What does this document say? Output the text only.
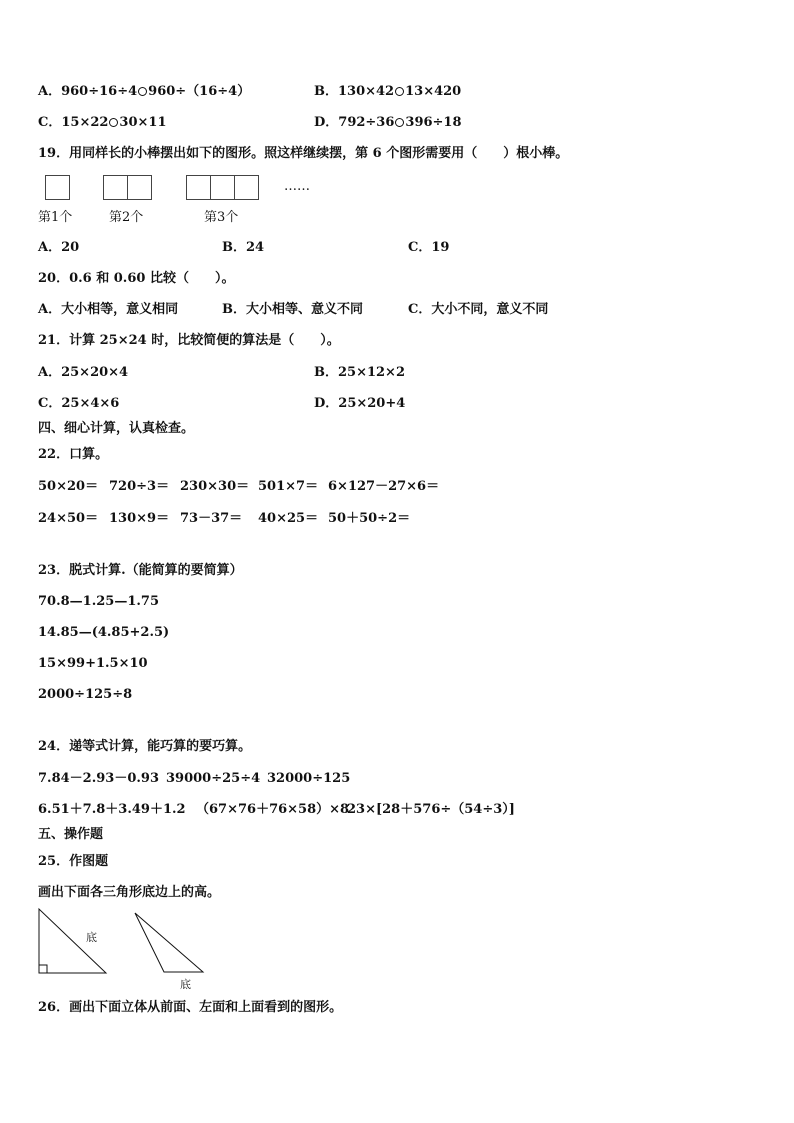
A．960÷16÷4 960÷（16÷4）	B．130×42 13×420
C．15×22 30×11	D．792÷36 396÷18
19．用同样长的小棒摆出如下的图形。照这样继续摆，第 6 个图形需要用（　　）根小棒。
……
第1个	第2个	第3个
A．20	B．24	C．19
20．0.6 和 0.60 比较（　　）。
A．大小相等，意义相同	B．大小相等、意义不同	C．大小不同，意义不同
21．计算 25×24 时，比较简便的算法是（　　）。
A．25×20×4	B．25×12×2
C．25×4×6	D．25×20+4
四、细心计算，认真检查。
22．口算。
50×20＝ 720÷3＝ 230×30＝ 501×7＝ 6×127－27×6＝
24×50＝ 130×9＝ 73－37＝ 40×25＝ 50＋50÷2＝
23．脱式计算.（能简算的要简算）
70.8—1.25—1.75
14.85—(4.85+2.5)
15×99+1.5×10
2000÷125÷8
24．递等式计算，能巧算的要巧算。
7.84－2.93－0.93 39000÷25÷4 32000÷125
6.51＋7.8＋3.49＋1.2 （67×76＋76×58）×8
23×[28＋576÷（54÷3）]
五、操作题
25．作图题
画出下面各三角形底边上的高。
底
底
26．画出下面立体从前面、左面和上面看到的图形。
